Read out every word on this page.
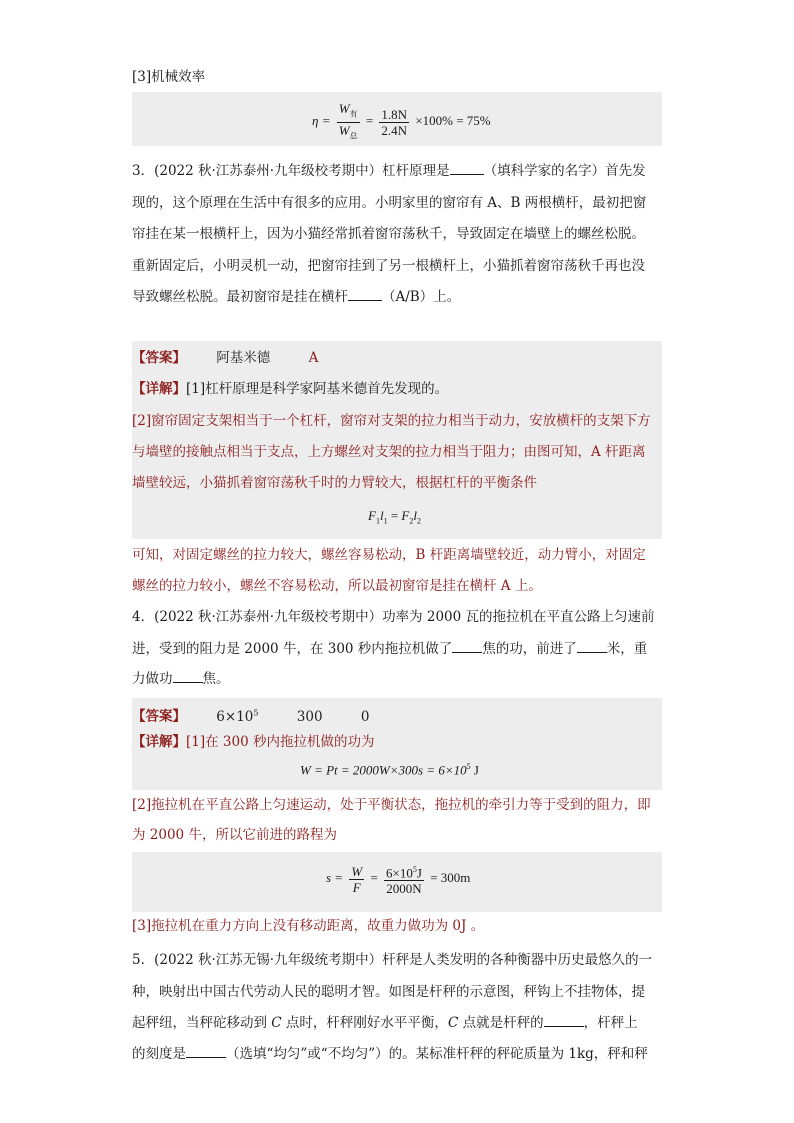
[3]机械效率
$\eta = \frac{W_有}{W_总} = \frac{1.8N}{2.4N} \times 100\% = 75\%$
3．(2022 秋·江苏泰州·九年级校考期中）杠杆原理是	（填科学家的名字）首先发
现的，这个原理在生活中有很多的应用。小明家里的窗帘有 A、B 两根横杆，最初把窗
帘挂在某一根横杆上，因为小猫经常抓着窗帘荡秋千，导致固定在墙壁上的螺丝松脱。
重新固定后，小明灵机一动，把窗帘挂到了另一根横杆上，小猫抓着窗帘荡秋千再也没
导致螺丝松脱。最初窗帘是挂在横杆	（A/B）上。
【答案】 阿基米德	A
【详解】[1]杠杆原理是科学家阿基米德首先发现的。
[2]窗帘固定支架相当于一个杠杆，窗帘对支架的拉力相当于动力，安放横杆的支架下方
与墙壁的接触点相当于支点，上方螺丝对支架的拉力相当于阻力；由图可知，A 杆距离
墙壁较远，小猫抓着窗帘荡秋千时的力臂较大，根据杠杆的平衡条件
$F_1l_1 = F_2l_2$
可知，对固定螺丝的拉力较大，螺丝容易松动，B 杆距离墙壁较近，动力臂小，对固定
螺丝的拉力较小，螺丝不容易松动，所以最初窗帘是挂在横杆 A 上。
4．(2022 秋·江苏泰州·九年级校考期中）功率为 2000 瓦的拖拉机在平直公路上匀速前
进，受到的阻力是 2000 牛，在 300 秒内拖拉机做了 焦的功，前进了 米，重
力做功 焦。
【答案】 $6\times 10^5$	300	0
【详解】[1]在 300 秒内拖拉机做的功为
$W = Pt = 2000W\times 300s = 6\times 10^5$ J
[2]拖拉机在平直公路上匀速运动，处于平衡状态，拖拉机的牵引力等于受到的阻力，即
为 2000 牛，所以它前进的路程为
$s = \frac{W}{F} = \frac{6\times 10^5J}{2000N} = 300m$
[3]拖拉机在重力方向上没有移动距离，故重力做功为 0J 。
5．(2022 秋·江苏无锡·九年级统考期中）杆秤是人类发明的各种衡器中历史最悠久的一
种，映射出中国古代劳动人民的聪明才智。如图是杆秤的示意图，秤钩上不挂物体，提
起秤纽，当秤砣移动到 C 点时，杆秤刚好水平平衡，C 点就是杆秤的	，杆秤上
的刻度是	（选填“均匀”或“不均匀”）的。某标准杆秤的秤砣质量为 1kg，秤和秤
